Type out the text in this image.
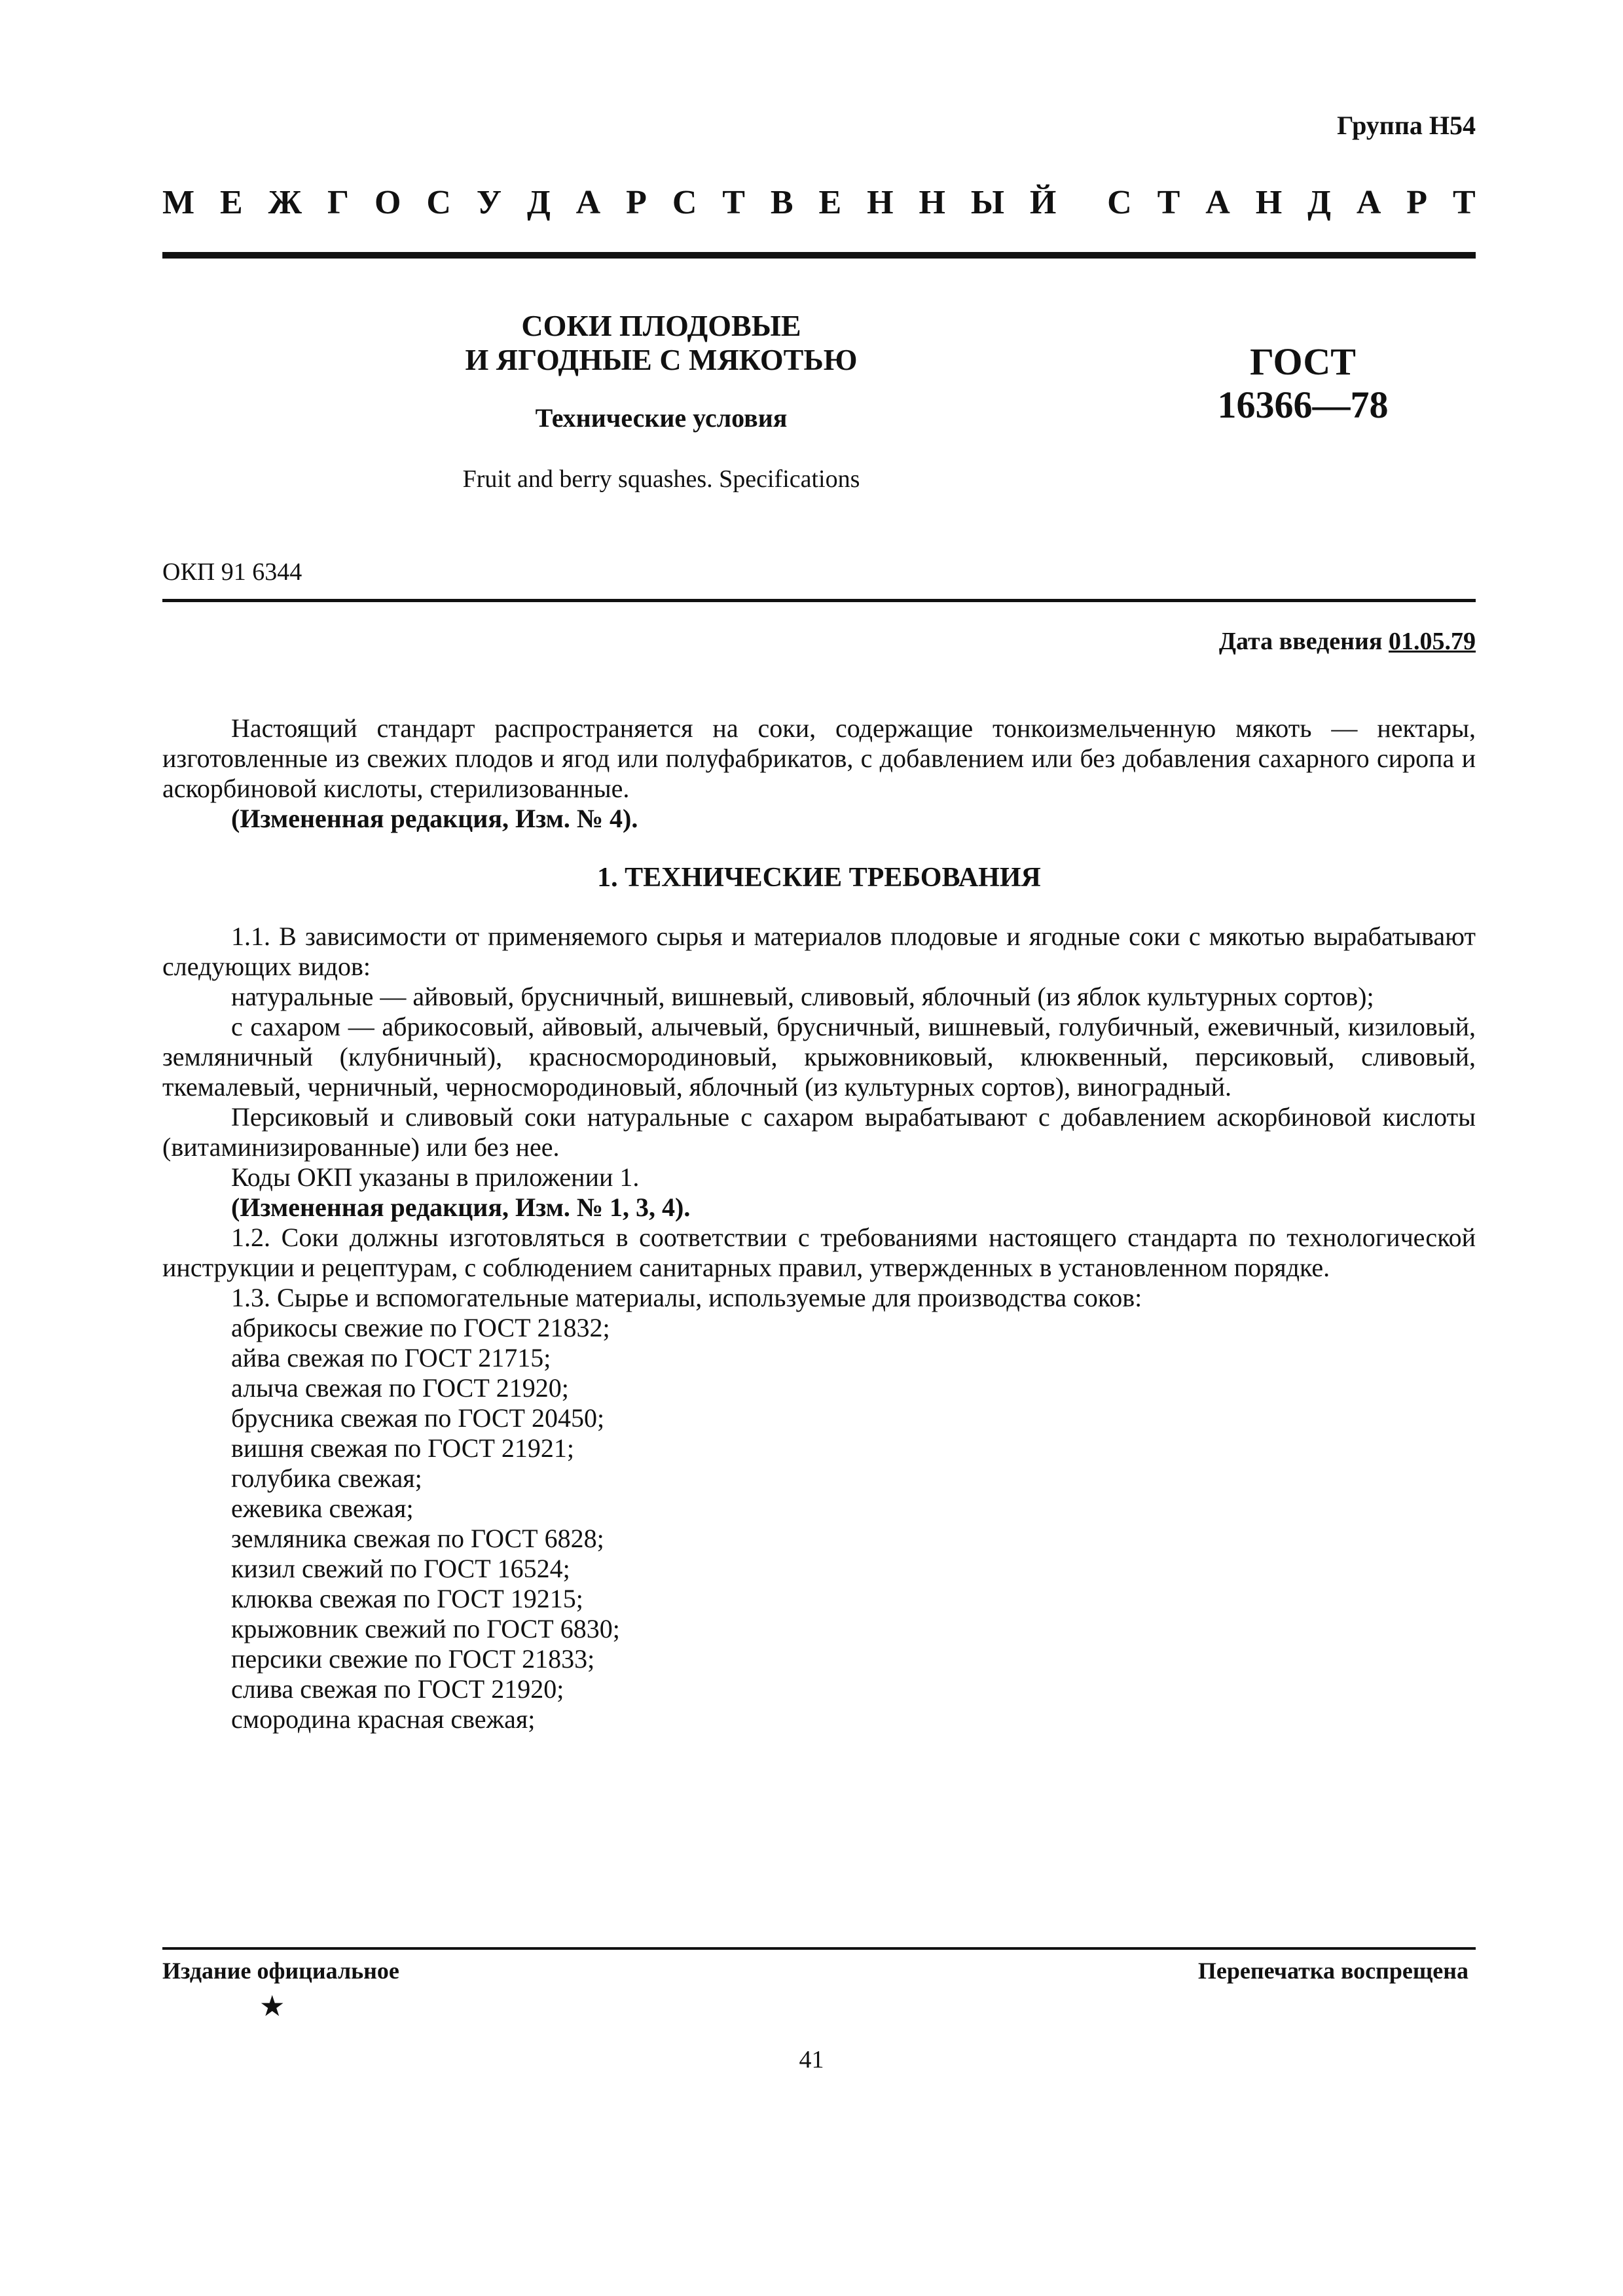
Группа Н54
М Е Ж Г О С У Д А Р С Т В Е Н Н Ы Й С Т А Н Д А Р Т
СОКИ ПЛОДОВЫЕ
И ЯГОДНЫЕ С МЯКОТЬЮ
Технические условия
Fruit and berry squashes. Specifications
ГОСТ
16366—78
ОКП 91 6344
Дата введения 01.05.79

Настоящий стандарт распространяется на соки, содержащие тонкоизмельченную мякоть — нектары, изготовленные из свежих плодов и ягод или полуфабрикатов, с добавлением или без добавления сахарного сиропа и аскорбиновой кислоты, стерилизованные.

(Измененная редакция, Изм. № 4).

1. ТЕХНИЧЕСКИЕ ТРЕБОВАНИЯ

1.1. В зависимости от применяемого сырья и материалов плодовые и ягодные соки с мякотью вырабатывают следующих видов:

натуральные — айвовый, брусничный, вишневый, сливовый, яблочный (из яблок культурных сортов);

с сахаром — абрикосовый, айвовый, алычевый, брусничный, вишневый, голубичный, ежевичный, кизиловый, земляничный (клубничный), красносмородиновый, крыжовниковый, клюквенный, персиковый, сливовый, ткемалевый, черничный, черносмородиновый, яблочный (из культурных сортов), виноградный.

Персиковый и сливовый соки натуральные с сахаром вырабатывают с добавлением аскорбиновой кислоты (витаминизированные) или без нее.

Коды ОКП указаны в приложении 1.

(Измененная редакция, Изм. № 1, 3, 4).

1.2. Соки должны изготовляться в соответствии с требованиями настоящего стандарта по технологической инструкции и рецептурам, с соблюдением санитарных правил, утвержденных в установленном порядке.

1.3. Сырье и вспомогательные материалы, используемые для производства соков:

абрикосы свежие по ГОСТ 21832;

айва свежая по ГОСТ 21715;

алыча свежая по ГОСТ 21920;

брусника свежая по ГОСТ 20450;

вишня свежая по ГОСТ 21921;

голубика свежая;

ежевика свежая;

земляника свежая по ГОСТ 6828;

кизил свежий по ГОСТ 16524;

клюква свежая по ГОСТ 19215;

крыжовник свежий по ГОСТ 6830;

персики свежие по ГОСТ 21833;

слива свежая по ГОСТ 21920;

смородина красная свежая;

Издание официальное	Перепечатка воспрещена
★
41
